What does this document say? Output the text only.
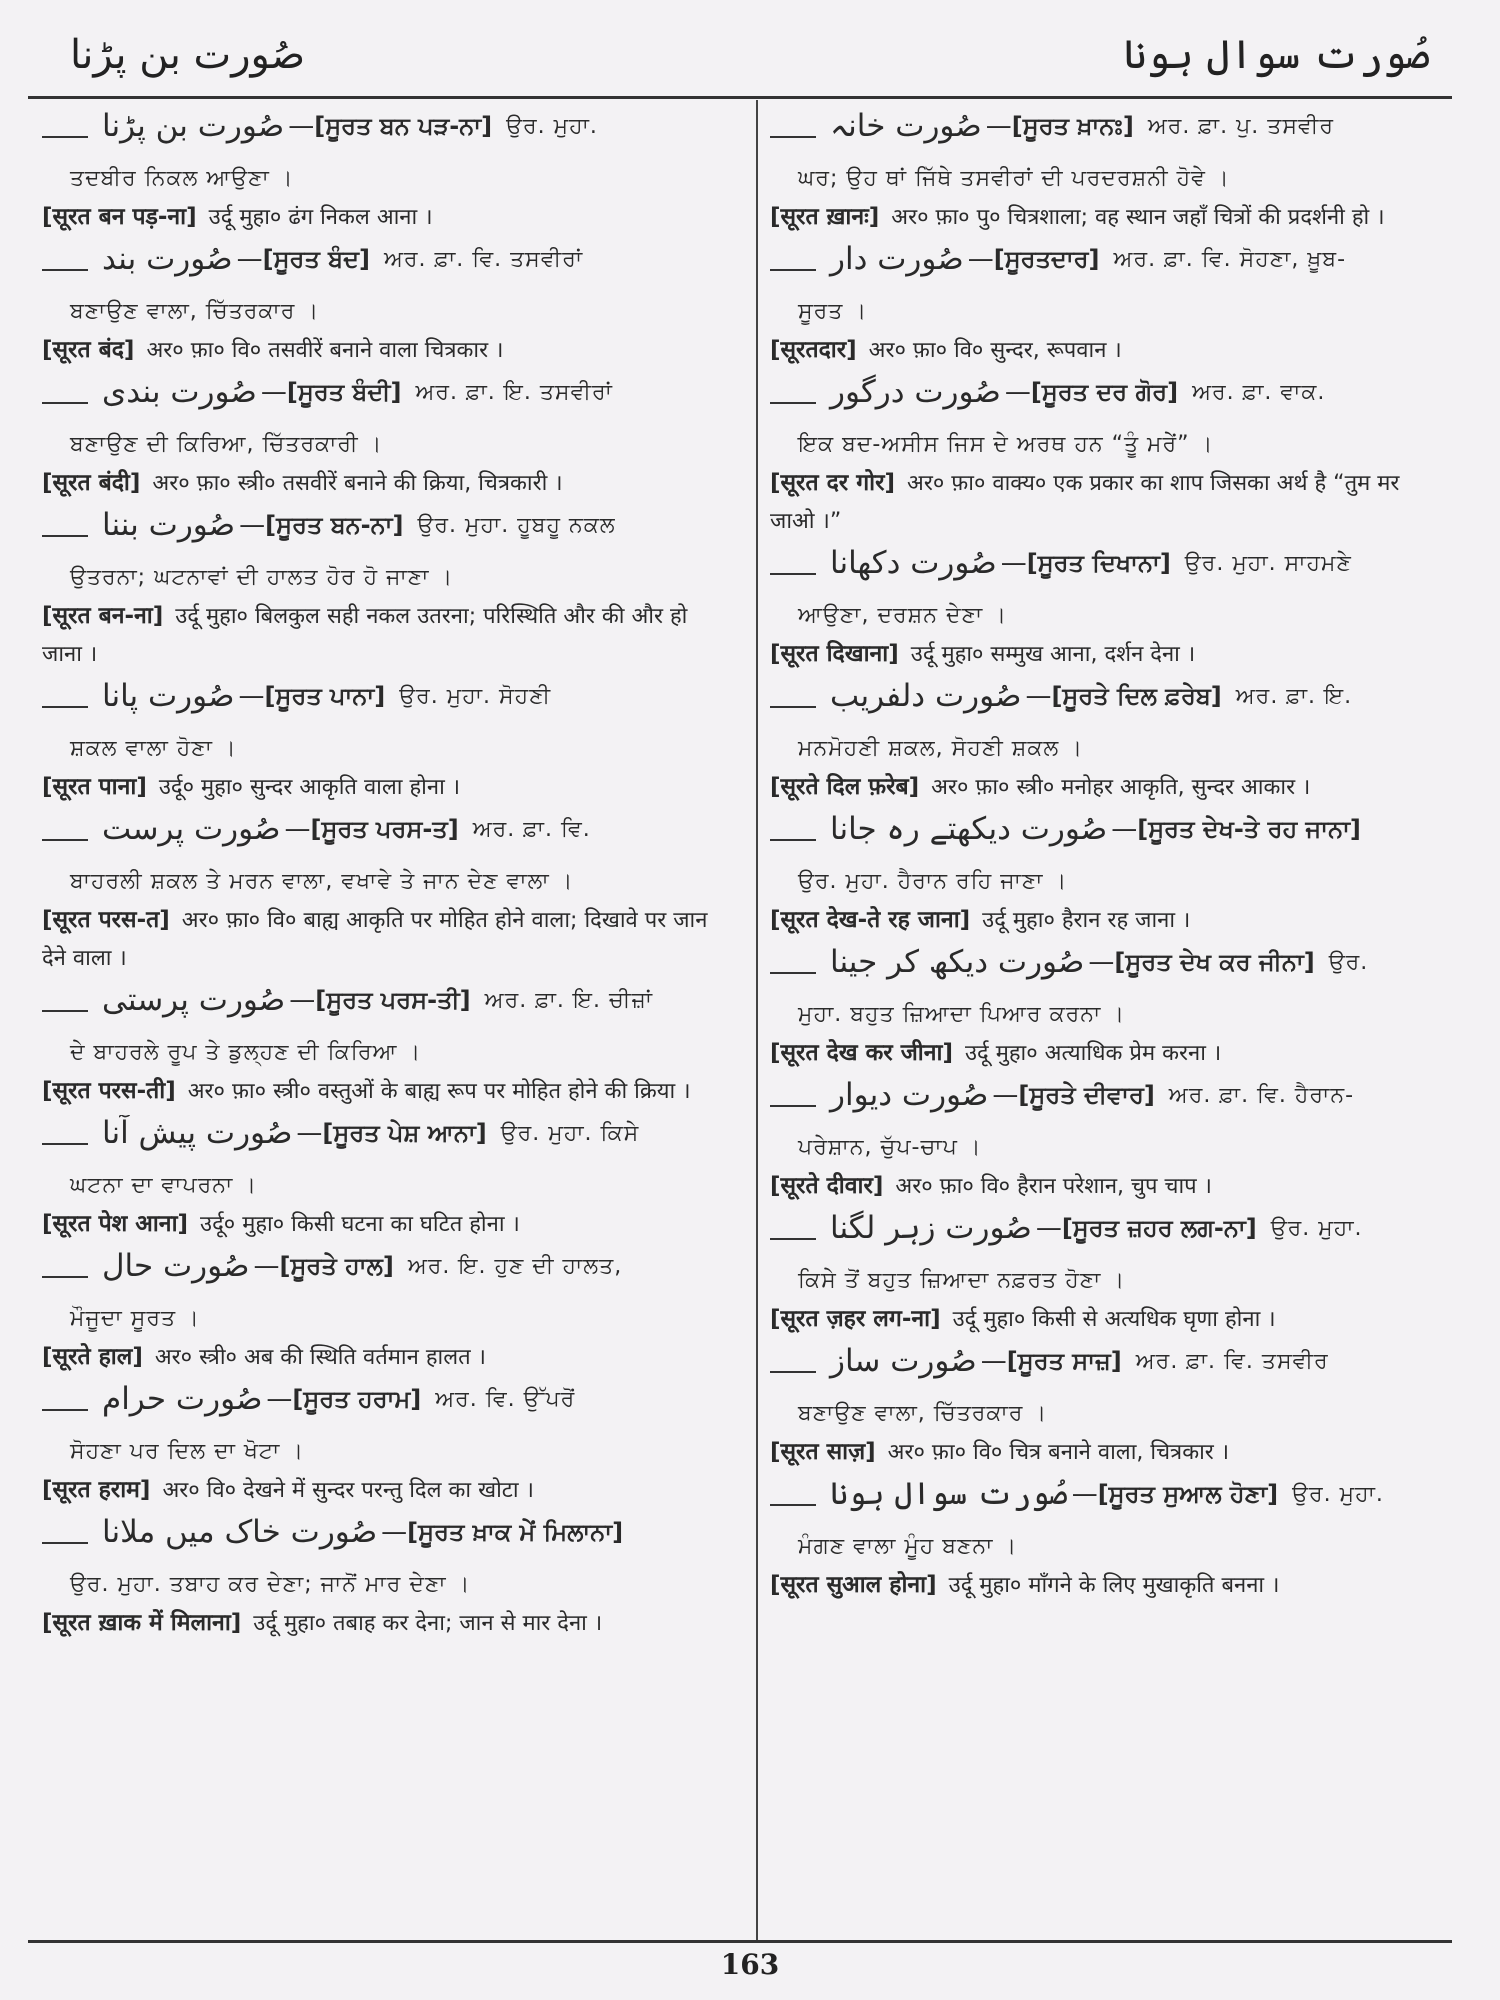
صُورت بن پڑنا	صُورت سوال ہونا
صُورت بن پڑنا —[ਸੂਰਤ ਬਨ ਪੜ-ਨਾ] ਉਰ. ਮੁਹਾ.
ਤਦਬੀਰ ਨਿਕਲ ਆਉਣਾ ।
[सूरत बन पड़-ना] उर्दू मुहा० ढंग निकल आना ।
صُورت بند —[ਸੂਰਤ ਬੰਦ] ਅਰ. ਫ਼ਾ. ਵਿ. ਤਸਵੀਰਾਂ
ਬਣਾਉਣ ਵਾਲਾ, ਚਿੱਤਰਕਾਰ ।
[सूरत बंद] अर० फ़ा० वि० तसवीरें बनाने वाला चित्रकार ।
صُورت بندی —[ਸੂਰਤ ਬੰਦੀ] ਅਰ. ਫ਼ਾ. ਇ. ਤਸਵੀਰਾਂ
ਬਣਾਉਣ ਦੀ ਕਿਰਿਆ, ਚਿੱਤਰਕਾਰੀ ।
[सूरत बंदी] अर० फ़ा० स्त्री० तसवीरें बनाने की क्रिया, चित्रकारी ।
صُورت بننا —[ਸੂਰਤ ਬਨ-ਨਾ] ਉਰ. ਮੁਹਾ. ਹੂਬਹੂ ਨਕਲ
ਉਤਰਨਾ; ਘਟਨਾਵਾਂ ਦੀ ਹਾਲਤ ਹੋਰ ਹੋ ਜਾਣਾ ।
[सूरत बन-ना] उर्दू मुहा० बिलकुल सही नकल उतरना; परिस्थिति और की और हो जाना ।
صُورت پانا —[ਸੂਰਤ ਪਾਨਾ] ਉਰ. ਮੁਹਾ. ਸੋਹਣੀ
ਸ਼ਕਲ ਵਾਲਾ ਹੋਣਾ ।
[सूरत पाना] उर्दू० मुहा० सुन्दर आकृति वाला होना ।
صُورت پرست —[ਸੂਰਤ ਪਰਸ-ਤ] ਅਰ. ਫ਼ਾ. ਵਿ.
ਬਾਹਰਲੀ ਸ਼ਕਲ ਤੇ ਮਰਨ ਵਾਲਾ, ਵਖਾਵੇ ਤੇ ਜਾਨ ਦੇਣ ਵਾਲਾ ।
[सूरत परस-त] अर० फ़ा० वि० बाह्य आकृति पर मोहित होने वाला; दिखावे पर जान देने वाला ।
صُورت پرستی —[ਸੂਰਤ ਪਰਸ-ਤੀ] ਅਰ. ਫ਼ਾ. ਇ. ਚੀਜ਼ਾਂ
ਦੇ ਬਾਹਰਲੇ ਰੂਪ ਤੇ ਡੁਲ੍ਹਣ ਦੀ ਕਿਰਿਆ ।
[सूरत परस-ती] अर० फ़ा० स्त्री० वस्तुओं के बाह्य रूप पर मोहित होने की क्रिया ।
صُورت پیش آنا —[ਸੂਰਤ ਪੇਸ਼ ਆਨਾ] ਉਰ. ਮੁਹਾ. ਕਿਸੇ
ਘਟਨਾ ਦਾ ਵਾਪਰਨਾ ।
[सूरत पेश आना] उर्दू० मुहा० किसी घटना का घटित होना ।
صُورت حال —[ਸੂਰਤੇ ਹਾਲ] ਅਰ. ਇ. ਹੁਣ ਦੀ ਹਾਲਤ,
ਮੌਜੂਦਾ ਸੂਰਤ ।
[सूरते हाल] अर० स्त्री० अब की स्थिति वर्तमान हालत ।
صُورت حرام —[ਸੂਰਤ ਹਰਾਮ] ਅਰ. ਵਿ. ਉੱਪਰੋਂ
ਸੋਹਣਾ ਪਰ ਦਿਲ ਦਾ ਖੋਟਾ ।
[सूरत हराम] अर० वि० देखने में सुन्दर परन्तु दिल का खोटा ।
صُورت خاک میں ملانا —[ਸੂਰਤ ਖ਼ਾਕ ਮੇਂ ਮਿਲਾਨਾ]
ਉਰ. ਮੁਹਾ. ਤਬਾਹ ਕਰ ਦੇਣਾ; ਜਾਨੋਂ ਮਾਰ ਦੇਣਾ ।
[सूरत ख़ाक में मिलाना] उर्दू मुहा० तबाह कर देना; जान से मार देना ।
صُورت خانہ —[ਸੂਰਤ ਖ਼ਾਨਃ] ਅਰ. ਫ਼ਾ. ਪੁ. ਤਸਵੀਰ
ਘਰ; ਉਹ ਥਾਂ ਜਿੱਥੇ ਤਸਵੀਰਾਂ ਦੀ ਪਰਦਰਸ਼ਨੀ ਹੋਵੇ ।
[सूरत ख़ानः] अर० फ़ा० पु० चित्रशाला; वह स्थान जहाँ चित्रों की प्रदर्शनी हो ।
صُورت دار —[ਸੂਰਤਦਾਰ] ਅਰ. ਫ਼ਾ. ਵਿ. ਸੋਹਣਾ, ਖ਼ੂਬ-
ਸੂਰਤ ।
[सूरतदार] अर० फ़ा० वि० सुन्दर, रूपवान ।
صُورت درگور —[ਸੂਰਤ ਦਰ ਗੋਰ] ਅਰ. ਫ਼ਾ. ਵਾਕ.
ਇਕ ਬਦ-ਅਸੀਸ ਜਿਸ ਦੇ ਅਰਥ ਹਨ “ਤੂੰ ਮਰੇਂ” ।
[सूरत दर गोर] अर० फ़ा० वाक्य० एक प्रकार का शाप जिसका अर्थ है “तुम मर जाओ ।”
صُورت دکھانا —[ਸੂਰਤ ਦਿਖਾਨਾ] ਉਰ. ਮੁਹਾ. ਸਾਹਮਣੇ
ਆਉਣਾ, ਦਰਸ਼ਨ ਦੇਣਾ ।
[सूरत दिखाना] उर्दू मुहा० सम्मुख आना, दर्शन देना ।
صُورت دلفریب —[ਸੂਰਤੇ ਦਿਲ ਫ਼ਰੇਬ] ਅਰ. ਫ਼ਾ. ਇ.
ਮਨਮੋਹਣੀ ਸ਼ਕਲ, ਸੋਹਣੀ ਸ਼ਕਲ ।
[सूरते दिल फ़रेब] अर० फ़ा० स्त्री० मनोहर आकृति, सुन्दर आकार ।
صُورت دیکھتے رہ جانا —[ਸੂਰਤ ਦੇਖ-ਤੇ ਰਹ ਜਾਨਾ]
ਉਰ. ਮੁਹਾ. ਹੈਰਾਨ ਰਹਿ ਜਾਣਾ ।
[सूरत देख-ते रह जाना] उर्दू मुहा० हैरान रह जाना ।
صُورت دیکھ کر جینا —[ਸੂਰਤ ਦੇਖ ਕਰ ਜੀਨਾ] ਉਰ.
ਮੁਹਾ. ਬਹੁਤ ਜ਼ਿਆਦਾ ਪਿਆਰ ਕਰਨਾ ।
[सूरत देख कर जीना] उर्दू मुहा० अत्याधिक प्रेम करना ।
صُورت دیوار —[ਸੂਰਤੇ ਦੀਵਾਰ] ਅਰ. ਫ਼ਾ. ਵਿ. ਹੈਰਾਨ-
ਪਰੇਸ਼ਾਨ, ਚੁੱਪ-ਚਾਪ ।
[सूरते दीवार] अर० फ़ा० वि० हैरान परेशान, चुप चाप ।
صُورت زہر لگنا —[ਸੂਰਤ ਜ਼ਹਰ ਲਗ-ਨਾ] ਉਰ. ਮੁਹਾ.
ਕਿਸੇ ਤੋਂ ਬਹੁਤ ਜ਼ਿਆਦਾ ਨਫ਼ਰਤ ਹੋਣਾ ।
[सूरत ज़हर लग-ना] उर्दू मुहा० किसी से अत्यधिक घृणा होना ।
صُورت ساز —[ਸੂਰਤ ਸਾਜ਼] ਅਰ. ਫ਼ਾ. ਵਿ. ਤਸਵੀਰ
ਬਣਾਉਣ ਵਾਲਾ, ਚਿੱਤਰਕਾਰ ।
[सूरत साज़] अर० फ़ा० वि० चित्र बनाने वाला, चित्रकार ।
صُورت سوال ہونا —[ਸੂਰਤ ਸੁਆਲ ਹੋਣਾ] ਉਰ. ਮੁਹਾ.
ਮੰਗਣ ਵਾਲਾ ਮੂੰਹ ਬਣਨਾ ।
[सूरत सुआल होना] उर्दू मुहा० माँगने के लिए मुखाकृति बनना ।
163
